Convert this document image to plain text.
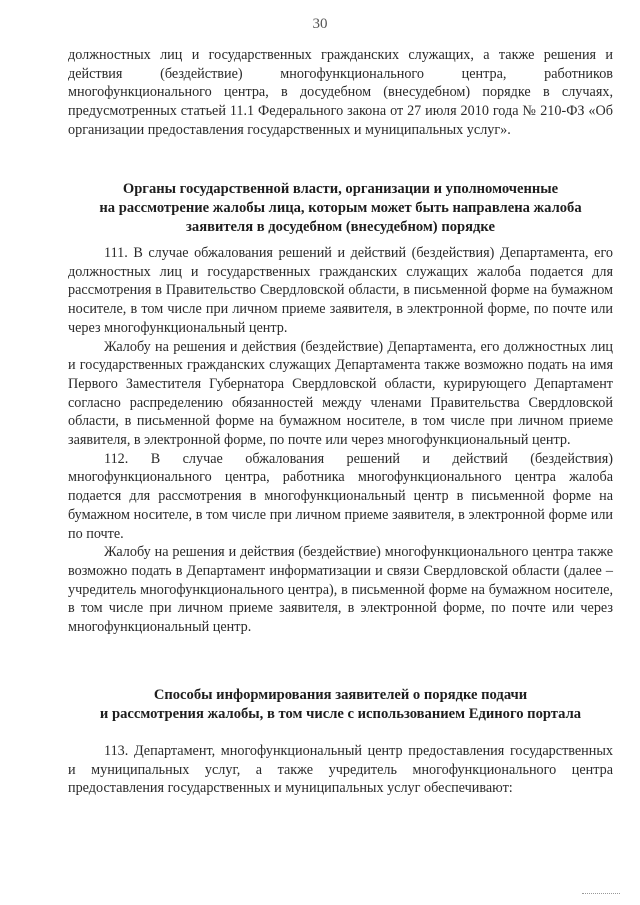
30

должностных лиц и государственных гражданских служащих, а также решения и действия (бездействие) многофункционального центра, работников многофункционального центра, в досудебном (внесудебном) порядке в случаях, предусмотренных статьей 11.1 Федерального закона от 27 июля 2010 года № 210-ФЗ «Об организации предоставления государственных и муниципальных услуг».

Органы государственной власти, организации и уполномоченные
на рассмотрение жалобы лица, которым может быть направлена жалоба
заявителя в досудебном (внесудебном) порядке

111. В случае обжалования решений и действий (бездействия) Департамента, его должностных лиц и государственных гражданских служащих жалоба подается для рассмотрения в Правительство Свердловской области, в письменной форме на бумажном носителе, в том числе при личном приеме заявителя, в электронной форме, по почте или через многофункциональный центр.

Жалобу на решения и действия (бездействие) Департамента, его должностных лиц и государственных гражданских служащих Департамента также возможно подать на имя Первого Заместителя Губернатора Свердловской области, курирующего Департамент согласно распределению обязанностей между членами Правительства Свердловской области, в письменной форме на бумажном носителе, в том числе при личном приеме заявителя, в электронной форме, по почте или через многофункциональный центр.

112. В случае обжалования решений и действий (бездействия) многофункционального центра, работника многофункционального центра жалоба подается для рассмотрения в многофункциональный центр в письменной форме на бумажном носителе, в том числе при личном приеме заявителя, в электронной форме или по почте.

Жалобу на решения и действия (бездействие) многофункционального центра также возможно подать в Департамент информатизации и связи Свердловской области (далее – учредитель многофункционального центра), в письменной форме на бумажном носителе, в том числе при личном приеме заявителя, в электронной форме, по почте или через многофункциональный центр.

Способы информирования заявителей о порядке подачи
и рассмотрения жалобы, в том числе с использованием Единого портала

113. Департамент, многофункциональный центр предоставления государственных и муниципальных услуг, а также учредитель многофункционального центра предоставления государственных и муниципальных услуг обеспечивают:
